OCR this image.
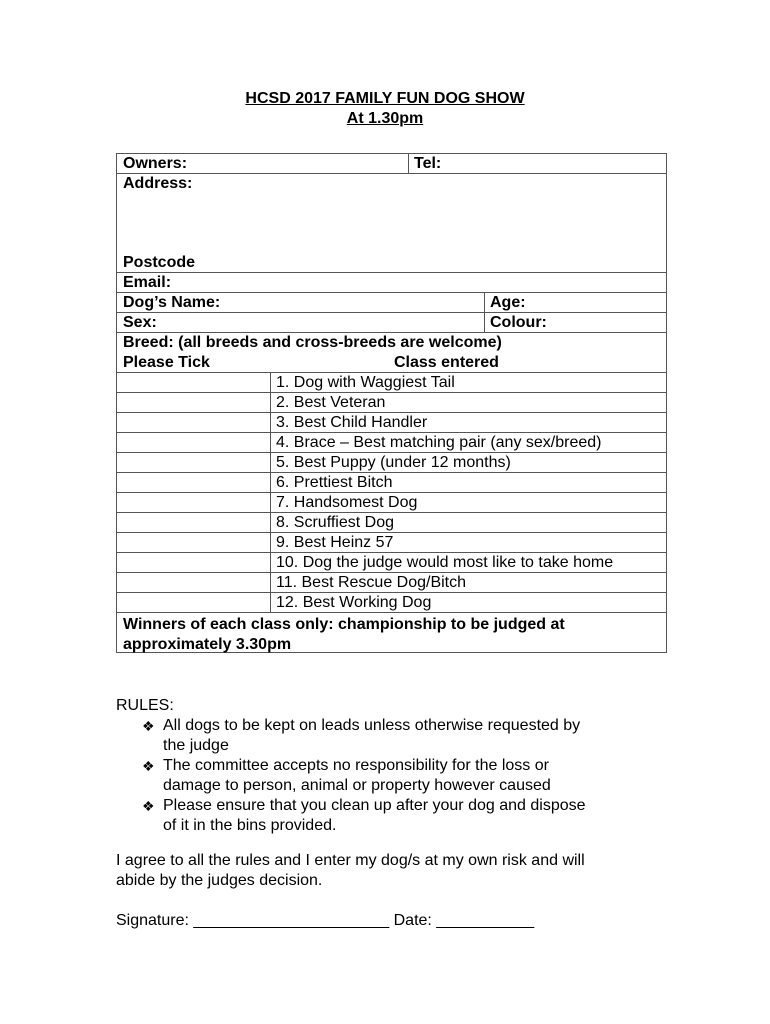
HCSD 2017 FAMILY FUN DOG SHOW
At 1.30pm
Owners:	Tel:
Address:
Postcode
Email:
Dog’s Name:	Age:
Sex:	Colour:
Breed: (all breeds and cross-breeds are welcome)
Please Tick	Class entered
1. Dog with Waggiest Tail
2. Best Veteran
3. Best Child Handler
4. Brace – Best matching pair (any sex/breed)
5. Best Puppy (under 12 months)
6. Prettiest Bitch
7. Handsomest Dog
8. Scruffiest Dog
9. Best Heinz 57
10. Dog the judge would most like to take home
11. Best Rescue Dog/Bitch
12. Best Working Dog
Winners of each class only: championship to be judged at
approximately 3.30pm

RULES:

❖ All dogs to be kept on leads unless otherwise requested by
the judge
❖ The committee accepts no responsibility for the loss or
damage to person, animal or property however caused
❖ Please ensure that you clean up after your dog and dispose
of it in the bins provided.
I agree to all the rules and I enter my dog/s at my own risk and will
abide by the judges decision.
Signature: ______________________ Date: ___________
